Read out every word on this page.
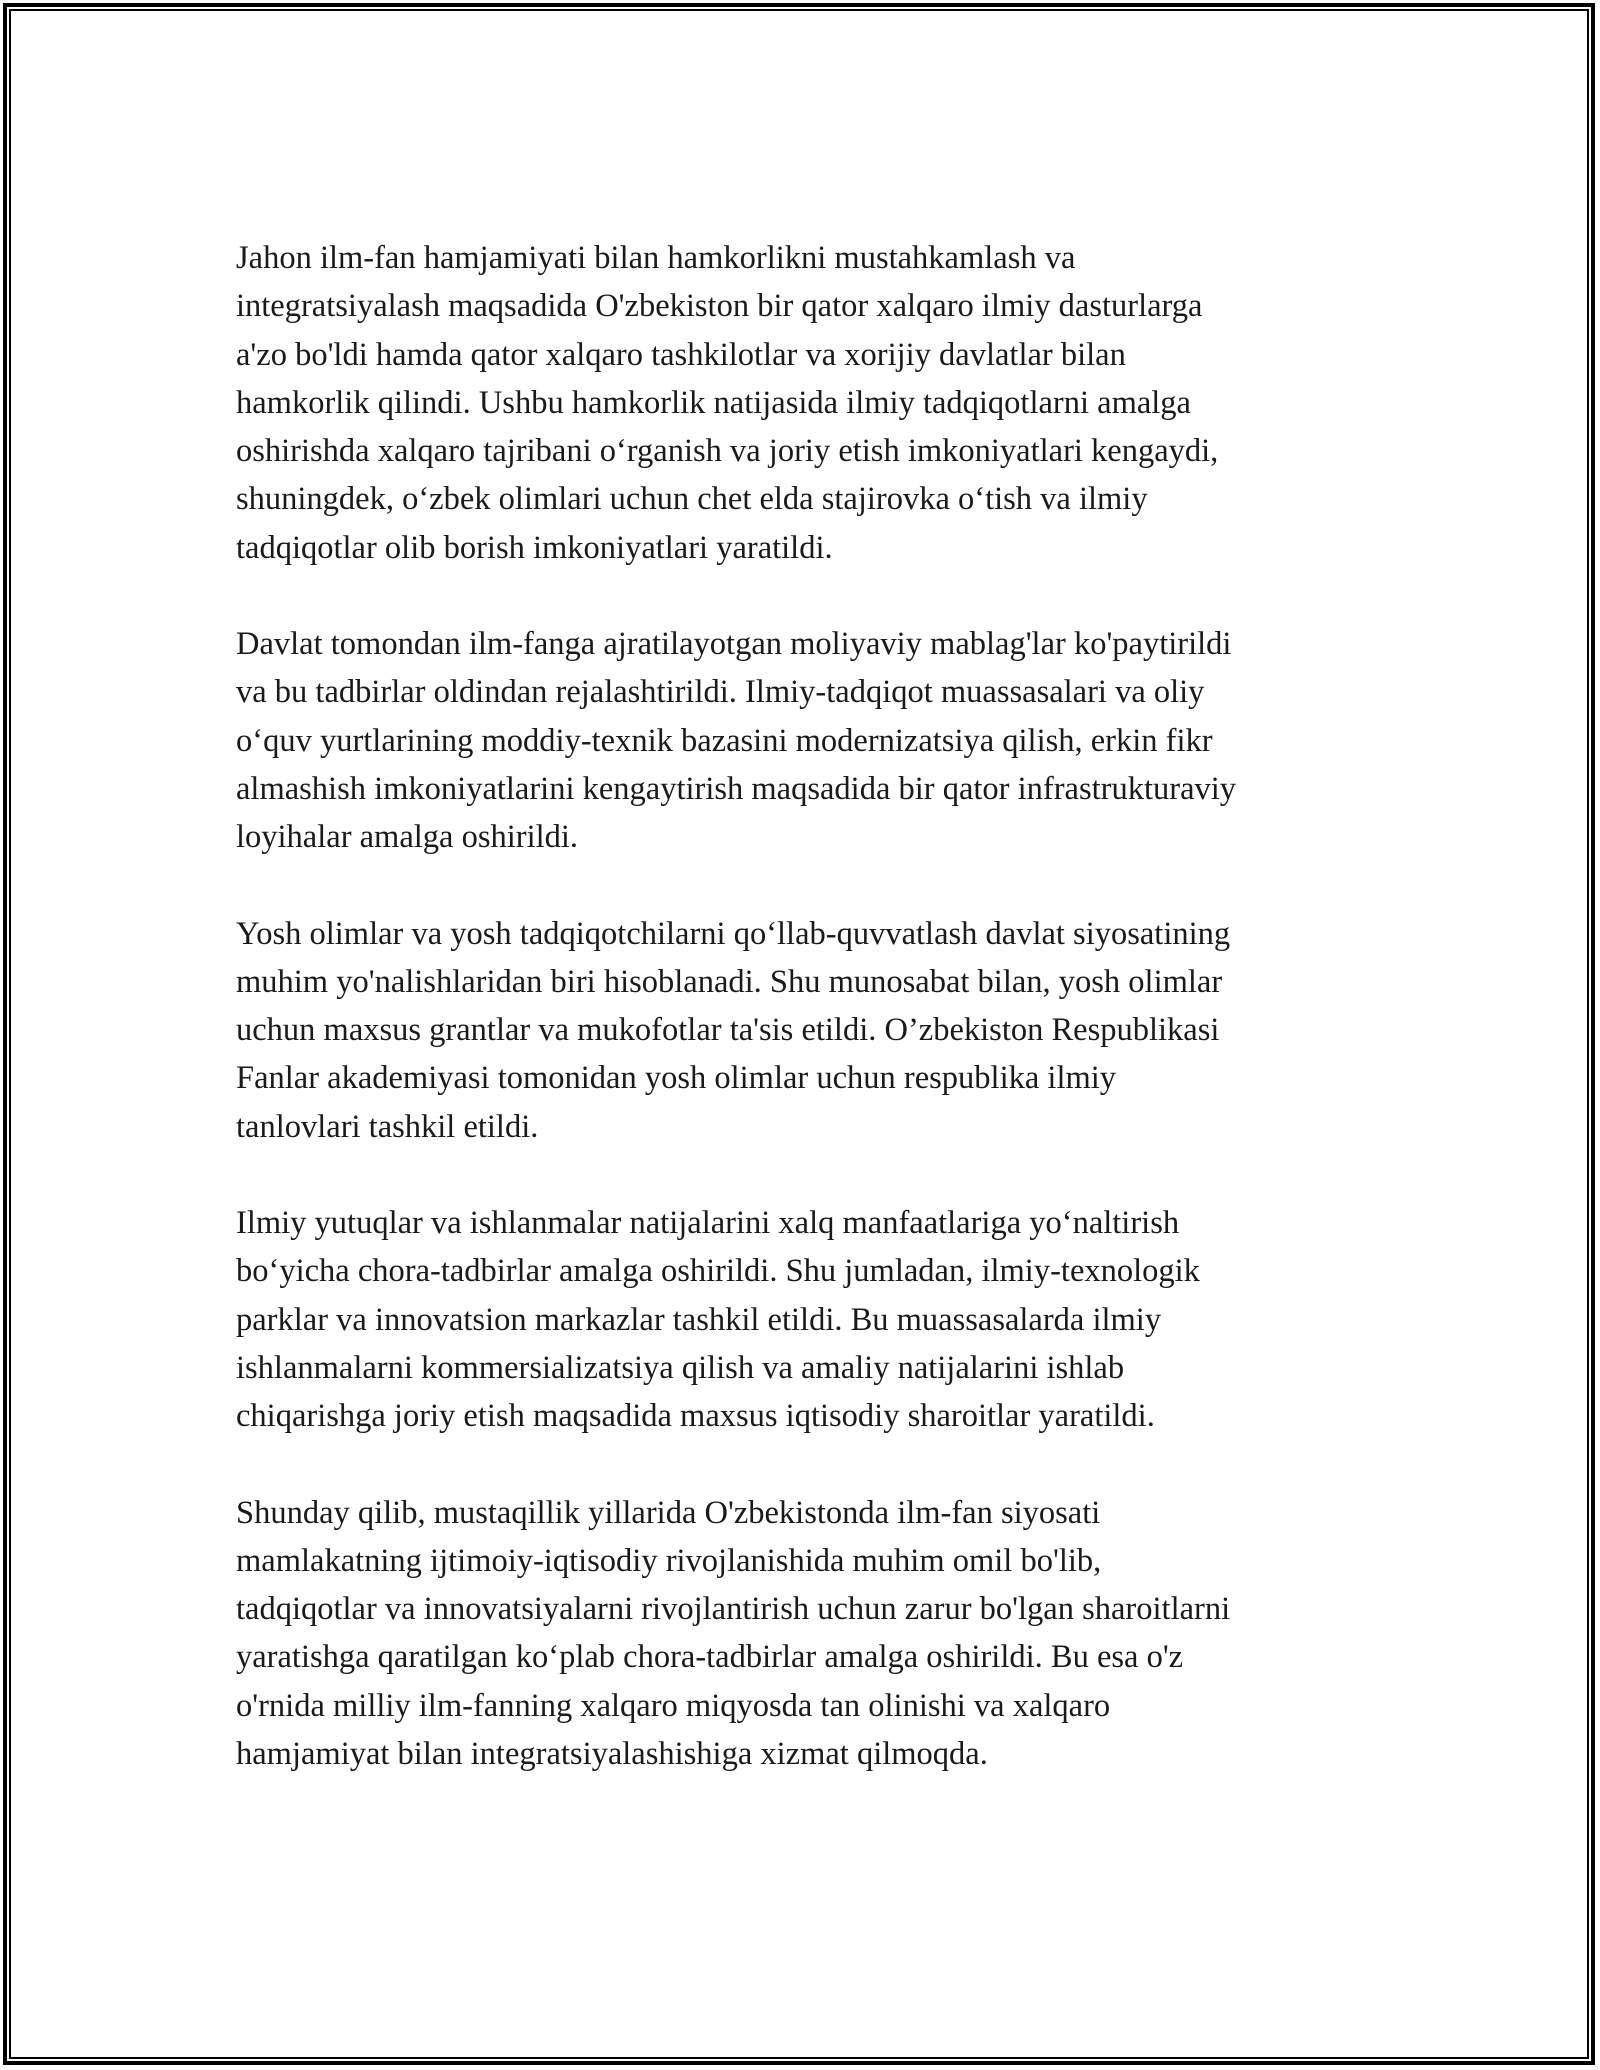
Jahon ilm-fan hamjamiyati bilan hamkorlikni mustahkamlash va
integratsiyalash maqsadida O'zbekiston bir qator xalqaro ilmiy dasturlarga
a'zo bo'ldi hamda qator xalqaro tashkilotlar va xorijiy davlatlar bilan
hamkorlik qilindi. Ushbu hamkorlik natijasida ilmiy tadqiqotlarni amalga
oshirishda xalqaro tajribani oʻrganish va joriy etish imkoniyatlari kengaydi,
shuningdek, oʻzbek olimlari uchun chet elda stajirovka oʻtish va ilmiy
tadqiqotlar olib borish imkoniyatlari yaratildi.

Davlat tomondan ilm-fanga ajratilayotgan moliyaviy mablag'lar ko'paytirildi
va bu tadbirlar oldindan rejalashtirildi. Ilmiy-tadqiqot muassasalari va oliy
oʻquv yurtlarining moddiy-texnik bazasini modernizatsiya qilish, erkin fikr
almashish imkoniyatlarini kengaytirish maqsadida bir qator infrastrukturaviy
loyihalar amalga oshirildi.

Yosh olimlar va yosh tadqiqotchilarni qoʻllab-quvvatlash davlat siyosatining
muhim yo'nalishlaridan biri hisoblanadi. Shu munosabat bilan, yosh olimlar
uchun maxsus grantlar va mukofotlar ta'sis etildi. O’zbekiston Respublikasi
Fanlar akademiyasi tomonidan yosh olimlar uchun respublika ilmiy
tanlovlari tashkil etildi.

Ilmiy yutuqlar va ishlanmalar natijalarini xalq manfaatlariga yoʻnaltirish
boʻyicha chora-tadbirlar amalga oshirildi. Shu jumladan, ilmiy-texnologik
parklar va innovatsion markazlar tashkil etildi. Bu muassasalarda ilmiy
ishlanmalarni kommersializatsiya qilish va amaliy natijalarini ishlab
chiqarishga joriy etish maqsadida maxsus iqtisodiy sharoitlar yaratildi.

Shunday qilib, mustaqillik yillarida O'zbekistonda ilm-fan siyosati
mamlakatning ijtimoiy-iqtisodiy rivojlanishida muhim omil bo'lib,
tadqiqotlar va innovatsiyalarni rivojlantirish uchun zarur bo'lgan sharoitlarni
yaratishga qaratilgan koʻplab chora-tadbirlar amalga oshirildi. Bu esa o'z
o'rnida milliy ilm-fanning xalqaro miqyosda tan olinishi va xalqaro
hamjamiyat bilan integratsiyalashishiga xizmat qilmoqda.
